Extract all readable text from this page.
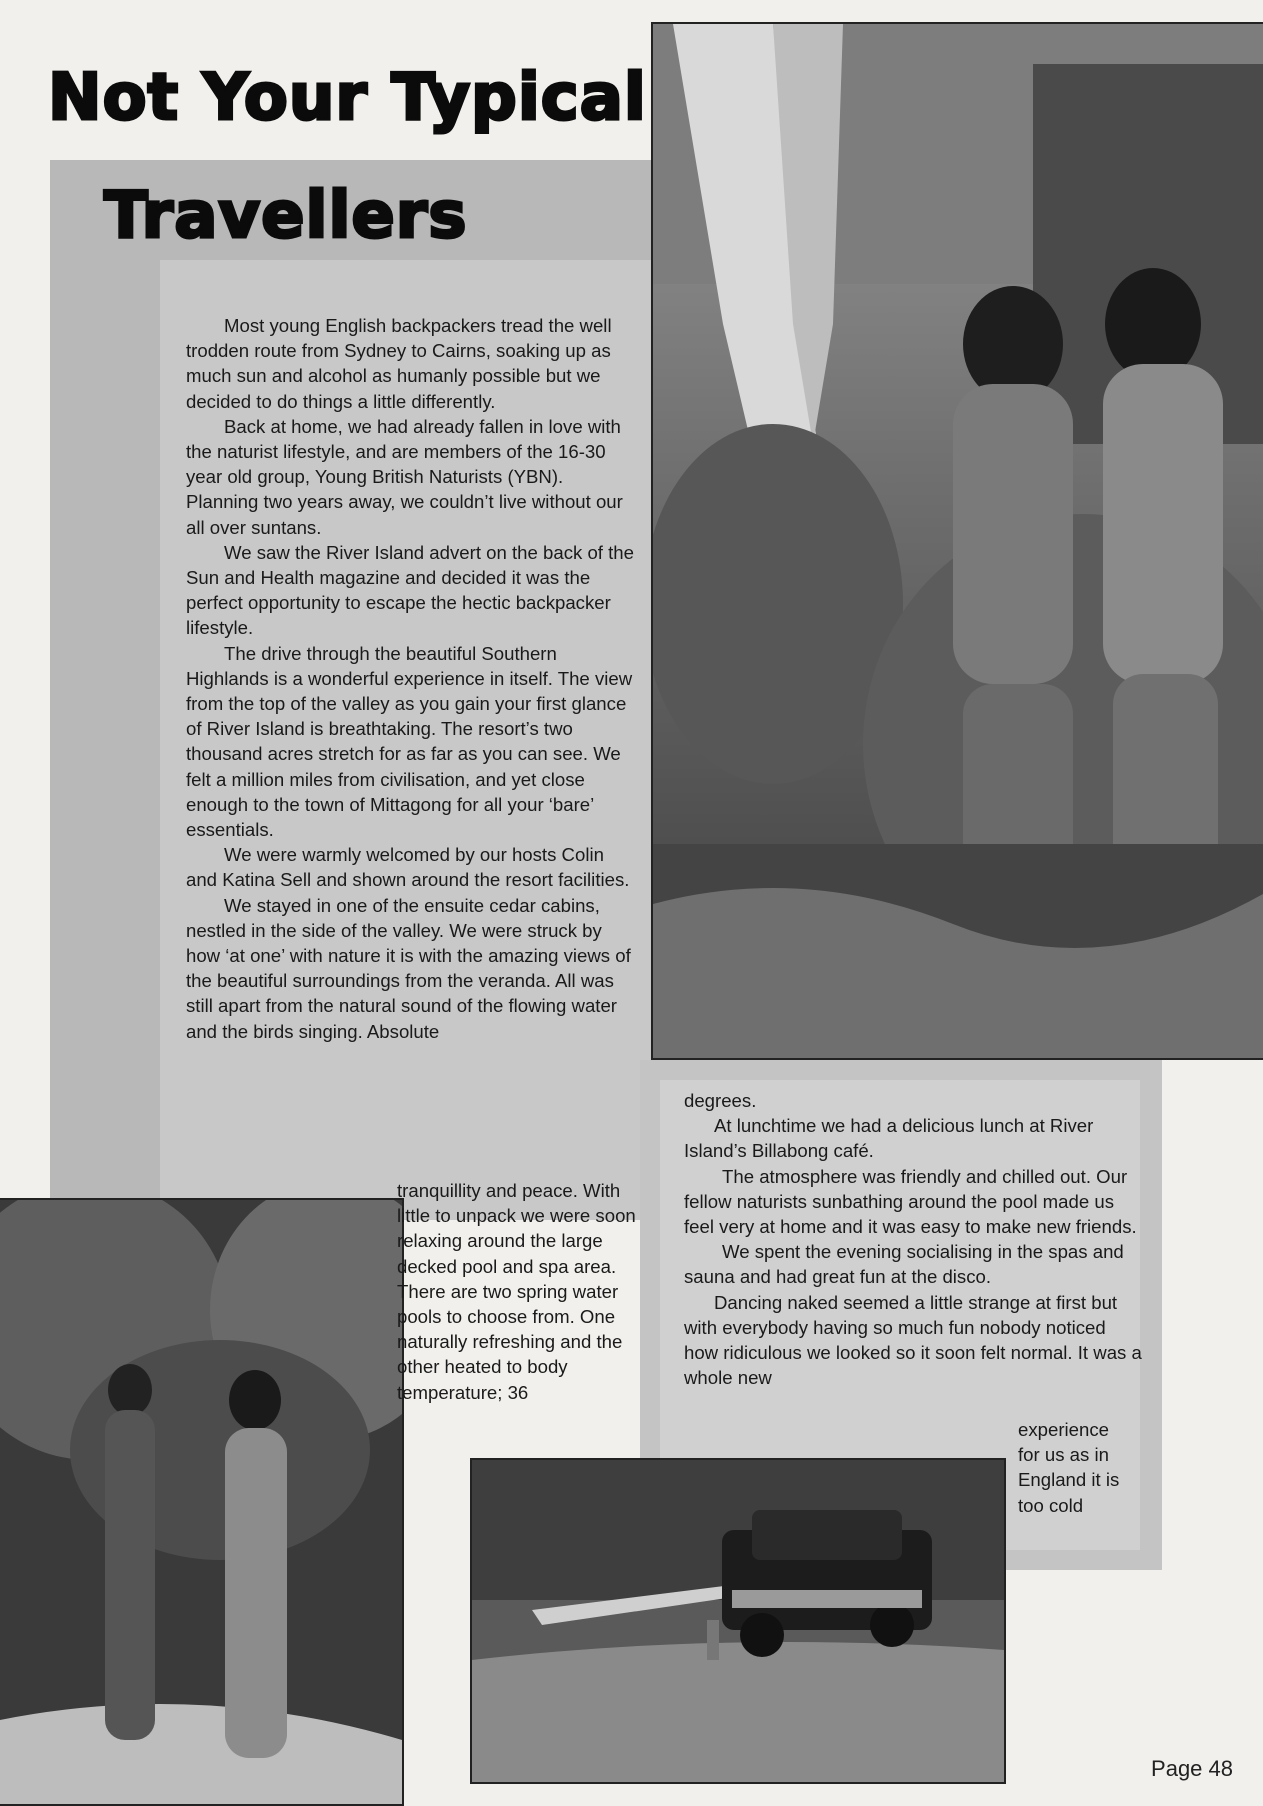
Not Your Typical
Travellers

Most young English backpackers tread the well trodden route from Sydney to Cairns, soaking up as much sun and alcohol as humanly possible but we decided to do things a little differently.

Back at home, we had already fallen in love with the naturist lifestyle, and are members of the 16-30 year old group, Young British Naturists (YBN). Planning two years away, we couldn’t live without our all over suntans.

We saw the River Island advert on the back of the Sun and Health magazine and decided it was the perfect opportunity to escape the hectic backpacker lifestyle.

The drive through the beautiful Southern Highlands is a wonderful experience in itself. The view from the top of the valley as you gain your first glance of River Island is breathtaking. The resort’s two thousand acres stretch for as far as you can see. We felt a million miles from civilisation, and yet close enough to the town of Mittagong for all your ‘bare’ essentials.

We were warmly welcomed by our hosts Colin and Katina Sell and shown around the resort facilities.

We stayed in one of the ensuite cedar cabins, nestled in the side of the valley. We were struck by how ‘at one’ with nature it is with the amazing views of the beautiful surroundings from the veranda. All was still apart from the natural sound of the flowing water and the birds singing. Absolute

tranquillity and peace. With little to unpack we were soon relaxing around the large decked pool and spa area. There are two spring water pools to choose from. One naturally refreshing and the other heated to body temperature; 36

degrees.

At lunchtime we had a delicious lunch at River Island’s Billabong café.

The atmosphere was friendly and chilled out. Our fellow naturists sunbathing around the pool made us feel very at home and it was easy to make new friends.

We spent the evening socialising in the spas and sauna and had great fun at the disco.

Dancing naked seemed a little strange at first but with everybody having so much fun nobody noticed how ridiculous we looked so it soon felt normal. It was a whole new

experience for us as in England it is too cold

Page 48
